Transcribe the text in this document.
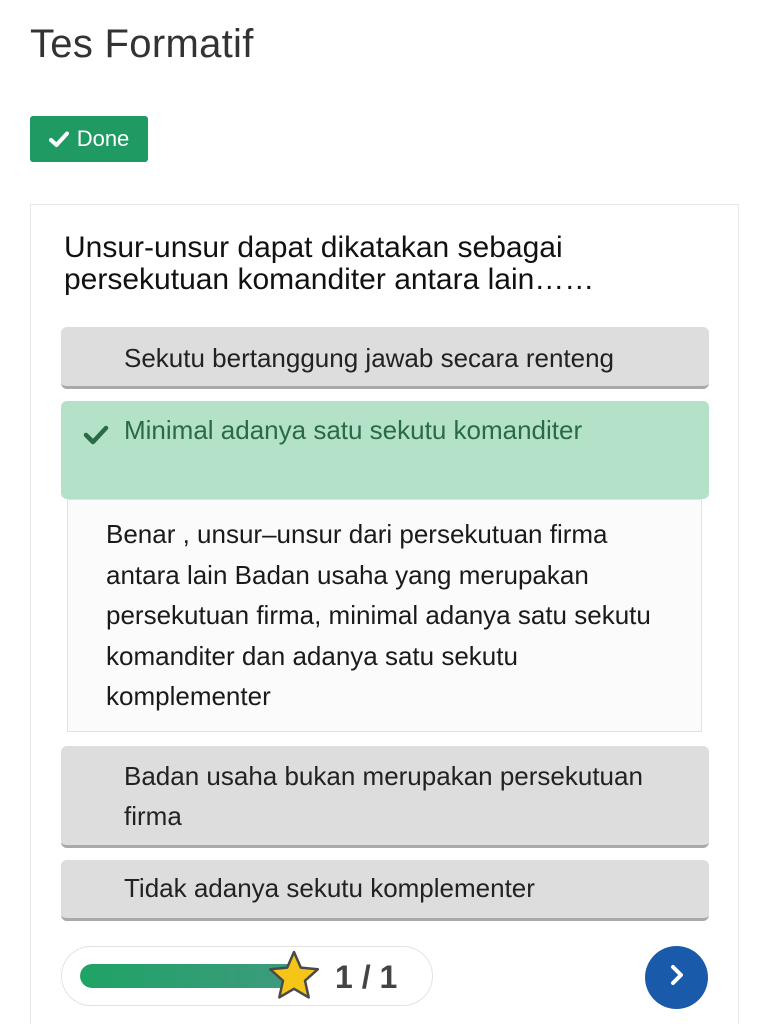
Tes Formatif
Done
Unsur-unsur dapat dikatakan sebagai persekutuan komanditer antara lain……
Sekutu bertanggung jawab secara renteng
Minimal adanya satu sekutu komanditer
Benar , unsur–unsur dari persekutuan firma antara lain Badan usaha yang merupakan persekutuan firma, minimal adanya satu sekutu komanditer dan adanya satu sekutu komplementer
Badan usaha bukan merupakan persekutuan firma
Tidak adanya sekutu komplementer
1 / 1
